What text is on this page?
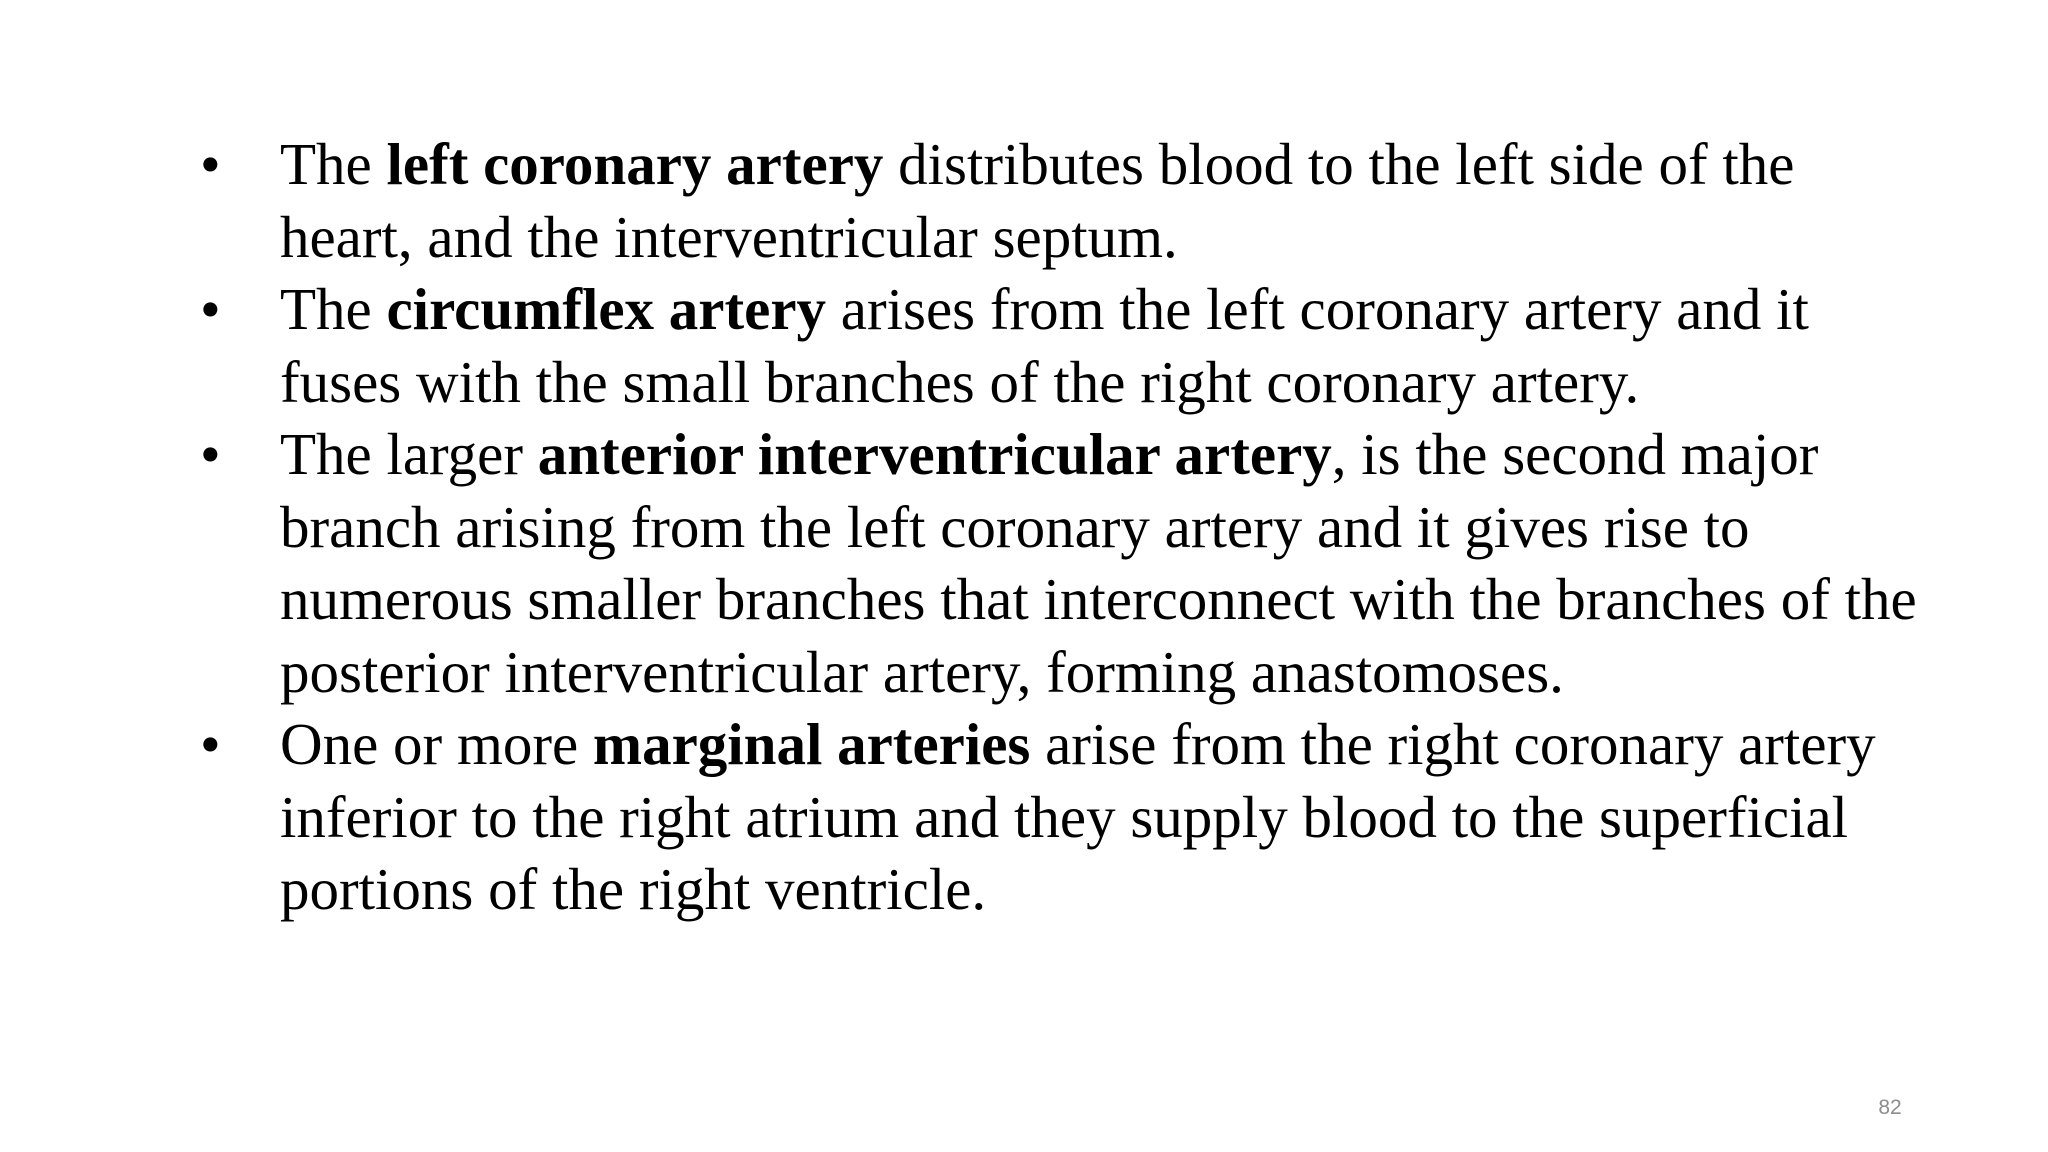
• The left coronary artery distributes blood to the left side of the heart, and the interventricular septum.
• The circumflex artery arises from the left coronary artery and it fuses with the small branches of the right coronary artery.
• The larger anterior interventricular artery, is the second major branch arising from the left coronary artery and it gives rise to numerous smaller branches that interconnect with the branches of the posterior interventricular artery, forming anastomoses.
• One or more marginal arteries arise from the right coronary artery inferior to the right atrium and they supply blood to the superficial portions of the right ventricle.
82
